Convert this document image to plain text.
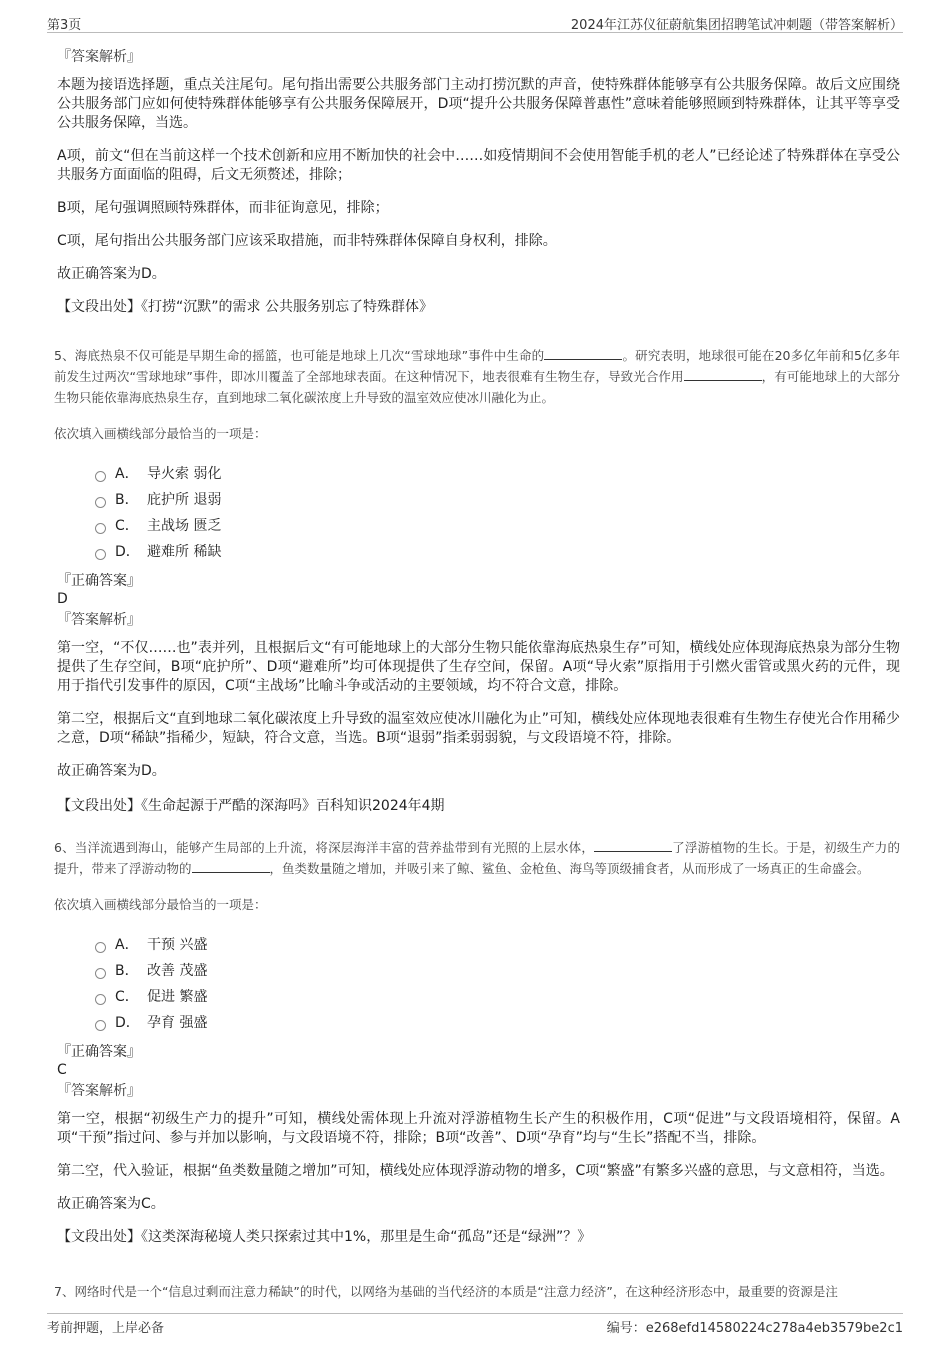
第3页	2024年江苏仪征蔚航集团招聘笔试冲刺题（带答案解析）
『答案解析』

本题为接语选择题，重点关注尾句。尾句指出需要公共服务部门主动打捞沉默的声音，使特殊群体能够享有公共服务保障。故后文应围绕公共服务部门应如何使特殊群体能够享有公共服务保障展开，D项“提升公共服务保障普惠性”意味着能够照顾到特殊群体，让其平等享受公共服务保障，当选。

A项，前文“但在当前这样一个技术创新和应用不断加快的社会中……如疫情期间不会使用智能手机的老人”已经论述了特殊群体在享受公共服务方面面临的阻碍，后文无须赘述，排除；

B项，尾句强调照顾特殊群体，而非征询意见，排除；

C项，尾句指出公共服务部门应该采取措施，而非特殊群体保障自身权利，排除。

故正确答案为D。

【文段出处】《打捞“沉默”的需求 公共服务别忘了特殊群体》

5、海底热泉不仅可能是早期生命的摇篮，也可能是地球上几次“雪球地球”事件中生命的	。研究表明，地球很可能在20多亿年前和5亿多年前发生过两次“雪球地球”事件，即冰川覆盖了全部地球表面。在这种情况下，地表很难有生物生存，导致光合作用	，有可能地球上的大部分生物只能依靠海底热泉生存，直到地球二氧化碳浓度上升导致的温室效应使冰川融化为止。

依次填入画横线部分最恰当的一项是：
A． 导火索 弱化
B． 庇护所 退弱
C． 主战场 匮乏
D． 避难所 稀缺
『正确答案』
D
『答案解析』

第一空，“不仅……也”表并列，且根据后文“有可能地球上的大部分生物只能依靠海底热泉生存”可知，横线处应体现海底热泉为部分生物提供了生存空间，B项“庇护所”、D项“避难所”均可体现提供了生存空间，保留。A项“导火索”原指用于引燃火雷管或黑火药的元件，现用于指代引发事件的原因，C项“主战场”比喻斗争或活动的主要领域，均不符合文意，排除。

第二空，根据后文“直到地球二氧化碳浓度上升导致的温室效应使冰川融化为止”可知，横线处应体现地表很难有生物生存使光合作用稀少之意，D项“稀缺”指稀少，短缺，符合文意，当选。B项“退弱”指柔弱弱貌，与文段语境不符，排除。

故正确答案为D。

【文段出处】《生命起源于严酷的深海吗》百科知识2024年4期

6、当洋流遇到海山，能够产生局部的上升流，将深层海洋丰富的营养盐带到有光照的上层水体，	了浮游植物的生长。于是，初级生产力的提升，带来了浮游动物的	，鱼类数量随之增加，并吸引来了鲸、鲨鱼、金枪鱼、海鸟等顶级捕食者，从而形成了一场真正的生命盛会。

依次填入画横线部分最恰当的一项是：
A． 干预 兴盛
B． 改善 茂盛
C． 促进 繁盛
D． 孕育 强盛
『正确答案』
C
『答案解析』

第一空，根据“初级生产力的提升”可知，横线处需体现上升流对浮游植物生长产生的积极作用，C项“促进”与文段语境相符，保留。A项“干预”指过问、参与并加以影响，与文段语境不符，排除；B项“改善”、D项“孕育”均与“生长”搭配不当，排除。

第二空，代入验证，根据“鱼类数量随之增加”可知，横线处应体现浮游动物的增多，C项“繁盛”有繁多兴盛的意思，与文意相符，当选。

故正确答案为C。

【文段出处】《这类深海秘境人类只探索过其中1%，那里是生命“孤岛”还是“绿洲”？》

7、网络时代是一个“信息过剩而注意力稀缺”的时代，以网络为基础的当代经济的本质是“注意力经济”，在这种经济形态中，最重要的资源是注
考前押题，上岸必备	编号：e268efd14580224c278a4eb3579be2c1
